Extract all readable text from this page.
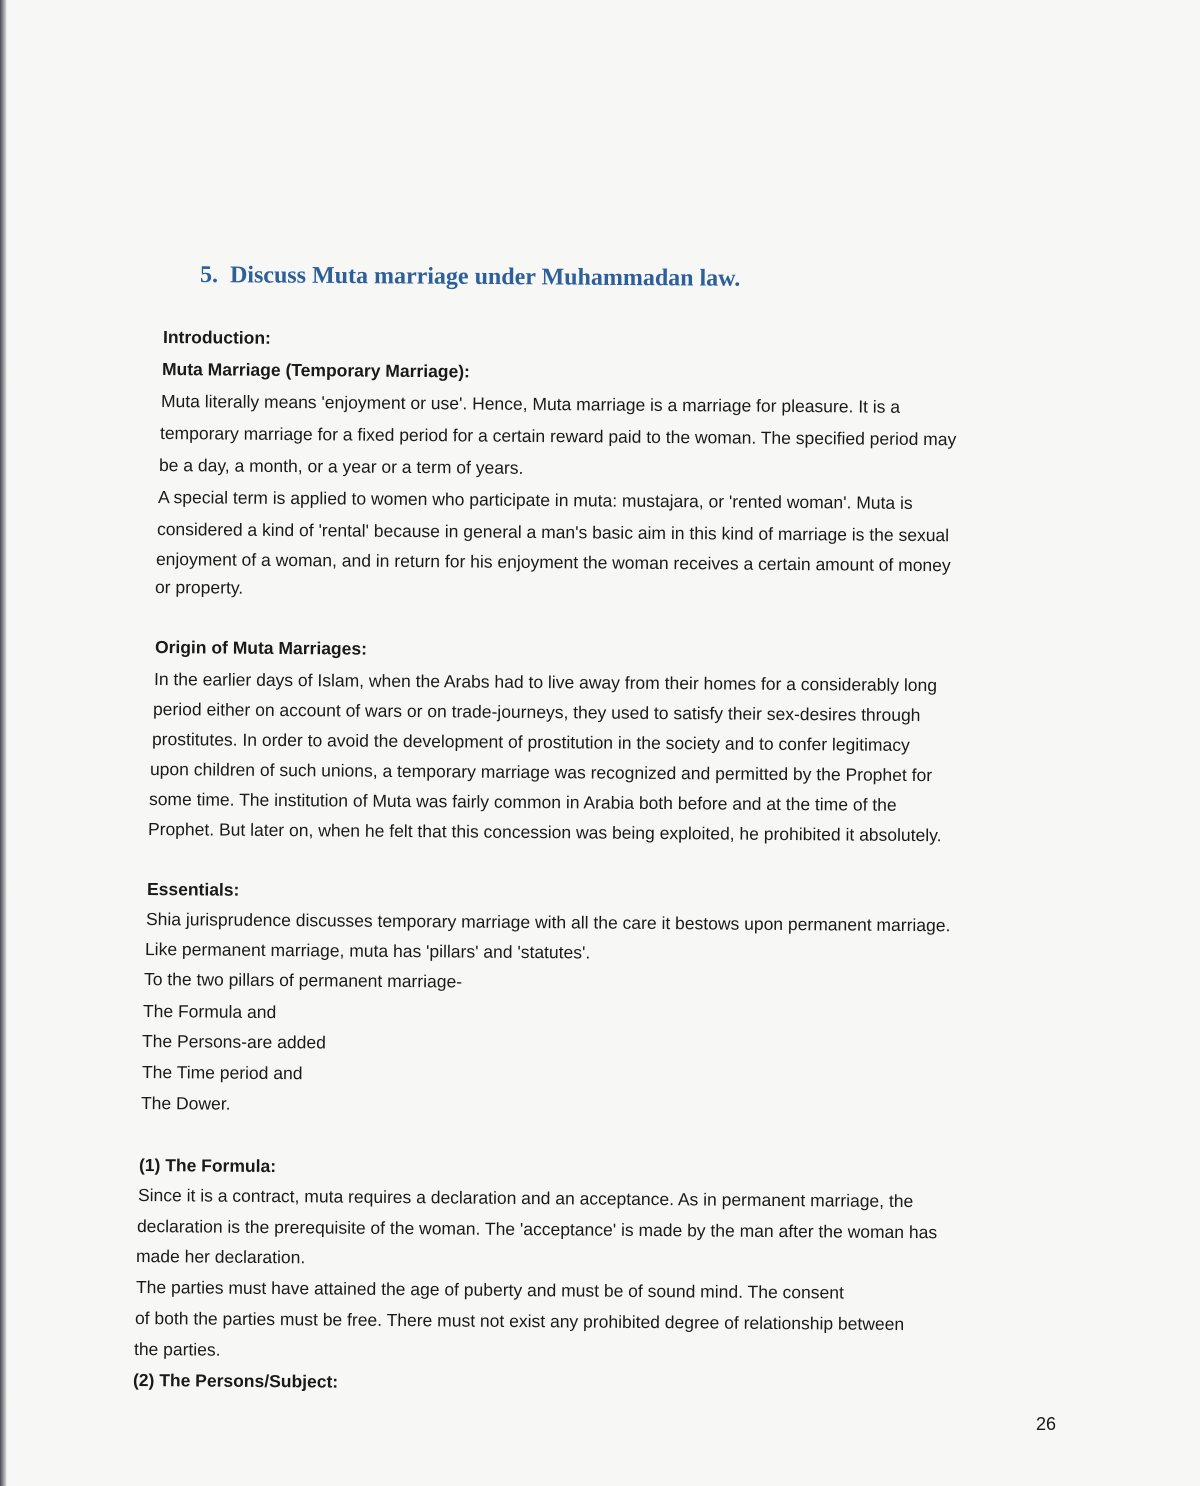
5. Discuss Muta marriage under Muhammadan law.
Introduction:
Muta Marriage (Temporary Marriage):
Muta literally means 'enjoyment or use'. Hence, Muta marriage is a marriage for pleasure. It is a
temporary marriage for a fixed period for a certain reward paid to the woman. The specified period may
be a day, a month, or a year or a term of years.
A special term is applied to women who participate in muta: mustajara, or 'rented woman'. Muta is
considered a kind of 'rental' because in general a man's basic aim in this kind of marriage is the sexual
enjoyment of a woman, and in return for his enjoyment the woman receives a certain amount of money
or property.
Origin of Muta Marriages:
In the earlier days of Islam, when the Arabs had to live away from their homes for a considerably long
period either on account of wars or on trade-journeys, they used to satisfy their sex-desires through
prostitutes. In order to avoid the development of prostitution in the society and to confer legitimacy
upon children of such unions, a temporary marriage was recognized and permitted by the Prophet for
some time. The institution of Muta was fairly common in Arabia both before and at the time of the
Prophet. But later on, when he felt that this concession was being exploited, he prohibited it absolutely.
Essentials:
Shia jurisprudence discusses temporary marriage with all the care it bestows upon permanent marriage.
Like permanent marriage, muta has 'pillars' and 'statutes'.
To the two pillars of permanent marriage-
The Formula and
The Persons-are added
The Time period and
The Dower.
(1) The Formula:
Since it is a contract, muta requires a declaration and an acceptance. As in permanent marriage, the
declaration is the prerequisite of the woman. The 'acceptance' is made by the man after the woman has
made her declaration.
The parties must have attained the age of puberty and must be of sound mind. The consent
of both the parties must be free. There must not exist any prohibited degree of relationship between
the parties.
(2) The Persons/Subject:
26
